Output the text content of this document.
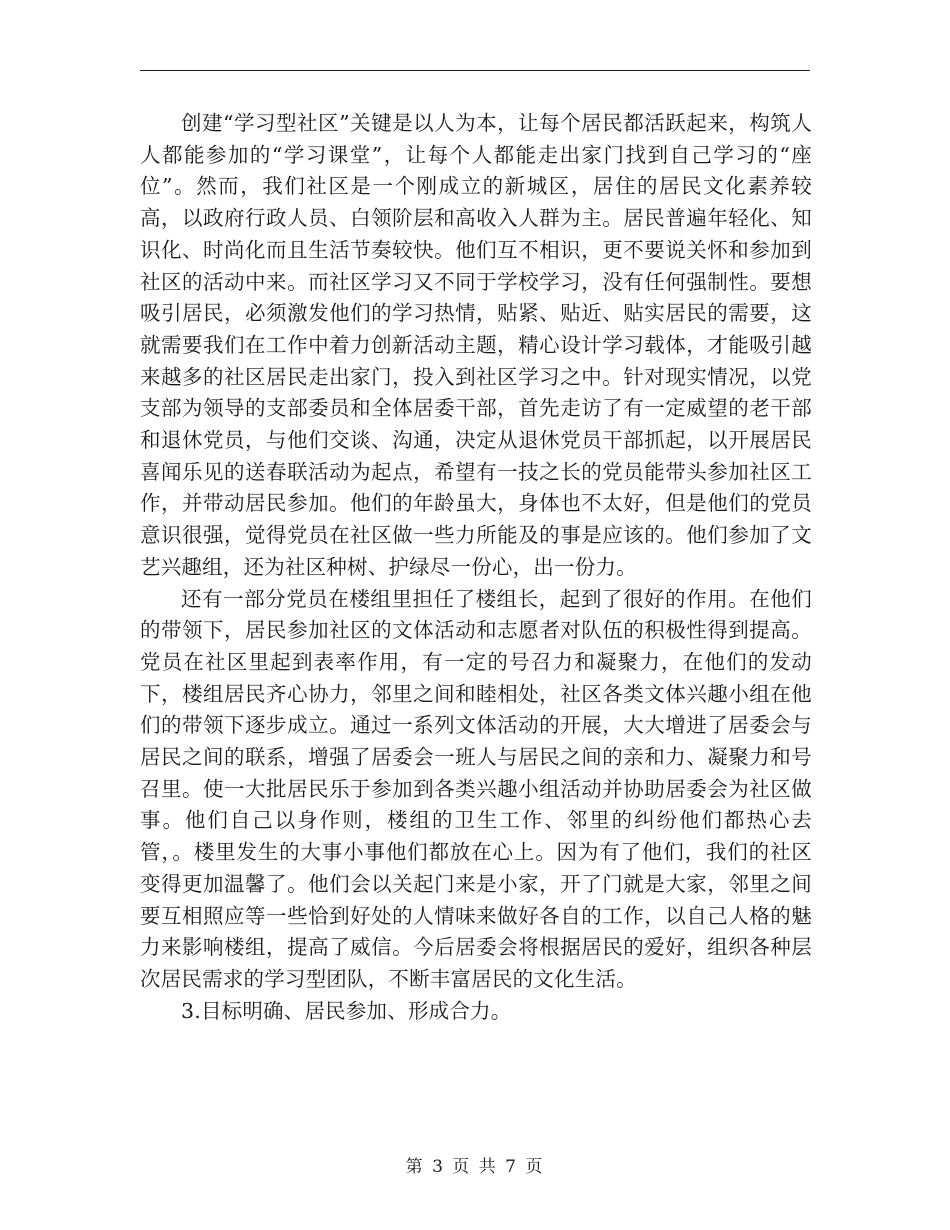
创建“学习型社区”关键是以人为本，让每个居民都活跃起来，构筑人人都能参加的“学习课堂”，让每个人都能走出家门找到自己学习的“座位”。然而，我们社区是一个刚成立的新城区，居住的居民文化素养较高，以政府行政人员、白领阶层和高收入人群为主。居民普遍年轻化、知识化、时尚化而且生活节奏较快。他们互不相识，更不要说关怀和参加到社区的活动中来。而社区学习又不同于学校学习，没有任何强制性。要想吸引居民，必须激发他们的学习热情，贴紧、贴近、贴实居民的需要，这就需要我们在工作中着力创新活动主题，精心设计学习载体，才能吸引越来越多的社区居民走出家门，投入到社区学习之中。针对现实情况，以党支部为领导的支部委员和全体居委干部，首先走访了有一定威望的老干部和退休党员，与他们交谈、沟通，决定从退休党员干部抓起，以开展居民喜闻乐见的送春联活动为起点，希望有一技之长的党员能带头参加社区工作，并带动居民参加。他们的年龄虽大，身体也不太好，但是他们的党员意识很强，觉得党员在社区做一些力所能及的事是应该的。他们参加了文艺兴趣组，还为社区种树、护绿尽一份心，出一份力。

还有一部分党员在楼组里担任了楼组长，起到了很好的作用。在他们的带领下，居民参加社区的文体活动和志愿者对队伍的积极性得到提高。党员在社区里起到表率作用，有一定的号召力和凝聚力，在他们的发动下，楼组居民齐心协力，邻里之间和睦相处，社区各类文体兴趣小组在他们的带领下逐步成立。通过一系列文体活动的开展，大大增进了居委会与居民之间的联系，增强了居委会一班人与居民之间的亲和力、凝聚力和号召里。使一大批居民乐于参加到各类兴趣小组活动并协助居委会为社区做事。他们自己以身作则，楼组的卫生工作、邻里的纠纷他们都热心去管，。楼里发生的大事小事他们都放在心上。因为有了他们，我们的社区变得更加温馨了。他们会以关起门来是小家，开了门就是大家，邻里之间要互相照应等一些恰到好处的人情味来做好各自的工作，以自己人格的魅力来影响楼组，提高了威信。今后居委会将根据居民的爱好，组织各种层次居民需求的学习型团队，不断丰富居民的文化生活。

3.目标明确、居民参加、形成合力。

第 3 页 共 7 页
